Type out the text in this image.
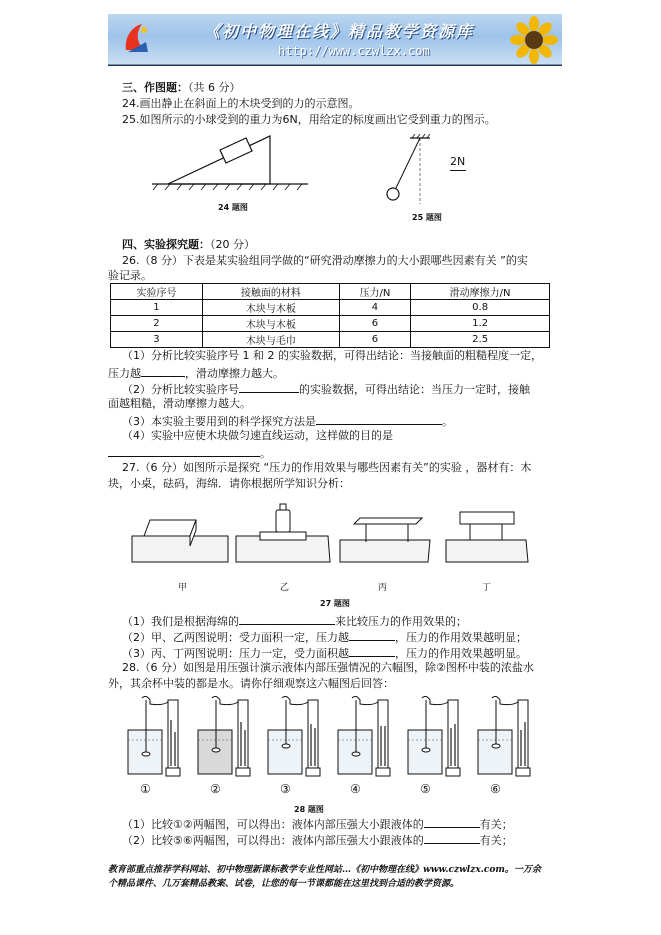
《初中物理在线》精品教学资源库
http://www.czwlzx.com
三、作图题：（共 6 分）
24.画出静止在斜面上的木块受到的力的示意图。
25.如图所示的小球受到的重力为6N，用给定的标度画出它受到重力的图示。
24 题图
2N
25 题图
四、实验探究题：（20 分）
26.（8 分）下表是某实验组同学做的“研究滑动摩擦力的大小跟哪些因素有关 ”的实
验记录。
实验序号	接触面的材料	压力/N	滑动摩擦力/N
1	木块与木板	4	0.8
2	木块与木板	6	1.2
3	木块与毛巾	6	2.5
（1）分析比较实验序号 1 和 2 的实验数据，可得出结论：当接触面的粗糙程度一定，
压力越	，滑动摩擦力越大。
（2）分析比较实验序号	的实验数据，可得出结论：当压力一定时，接触
面越粗糙，滑动摩擦力越大。
（3）本实验主要用到的科学探究方法是	。
（4）实验中应使木块做匀速直线运动，这样做的目的是
。
27.（6 分）如图所示是探究 “压力的作用效果与哪些因素有关”的实验 ，器材有：木
块，小桌，砝码，海绵．请你根据所学知识分析：
甲	乙	丙	丁
27 题图
（1）我们是根据海绵的	来比较压力的作用效果的；
（2）甲、乙两图说明：受力面积一定，压力越	，压力的作用效果越明显；
（3）丙、丁两图说明：压力一定，受力面积越	，压力的作用效果越明显。
28.（6 分）如图是用压强计演示液体内部压强情况的六幅图，除②图杯中装的浓盐水
外，其余杯中装的都是水。请你仔细观察这六幅图后回答：
①	②	③	④	⑤	⑥
28 题图
（1）比较①②两幅图，可以得出：液体内部压强大小跟液体的	有关；
（2）比较⑤⑥两幅图，可以得出：液体内部压强大小跟液体的	有关；
教育部重点推荐学科网站、初中物理新课标教学专业性网站…《初中物理在线》www.czwlzx.com。一万余
个精品课件、几万套精品教案、试卷，让您的每一节课都能在这里找到合适的教学资源。
